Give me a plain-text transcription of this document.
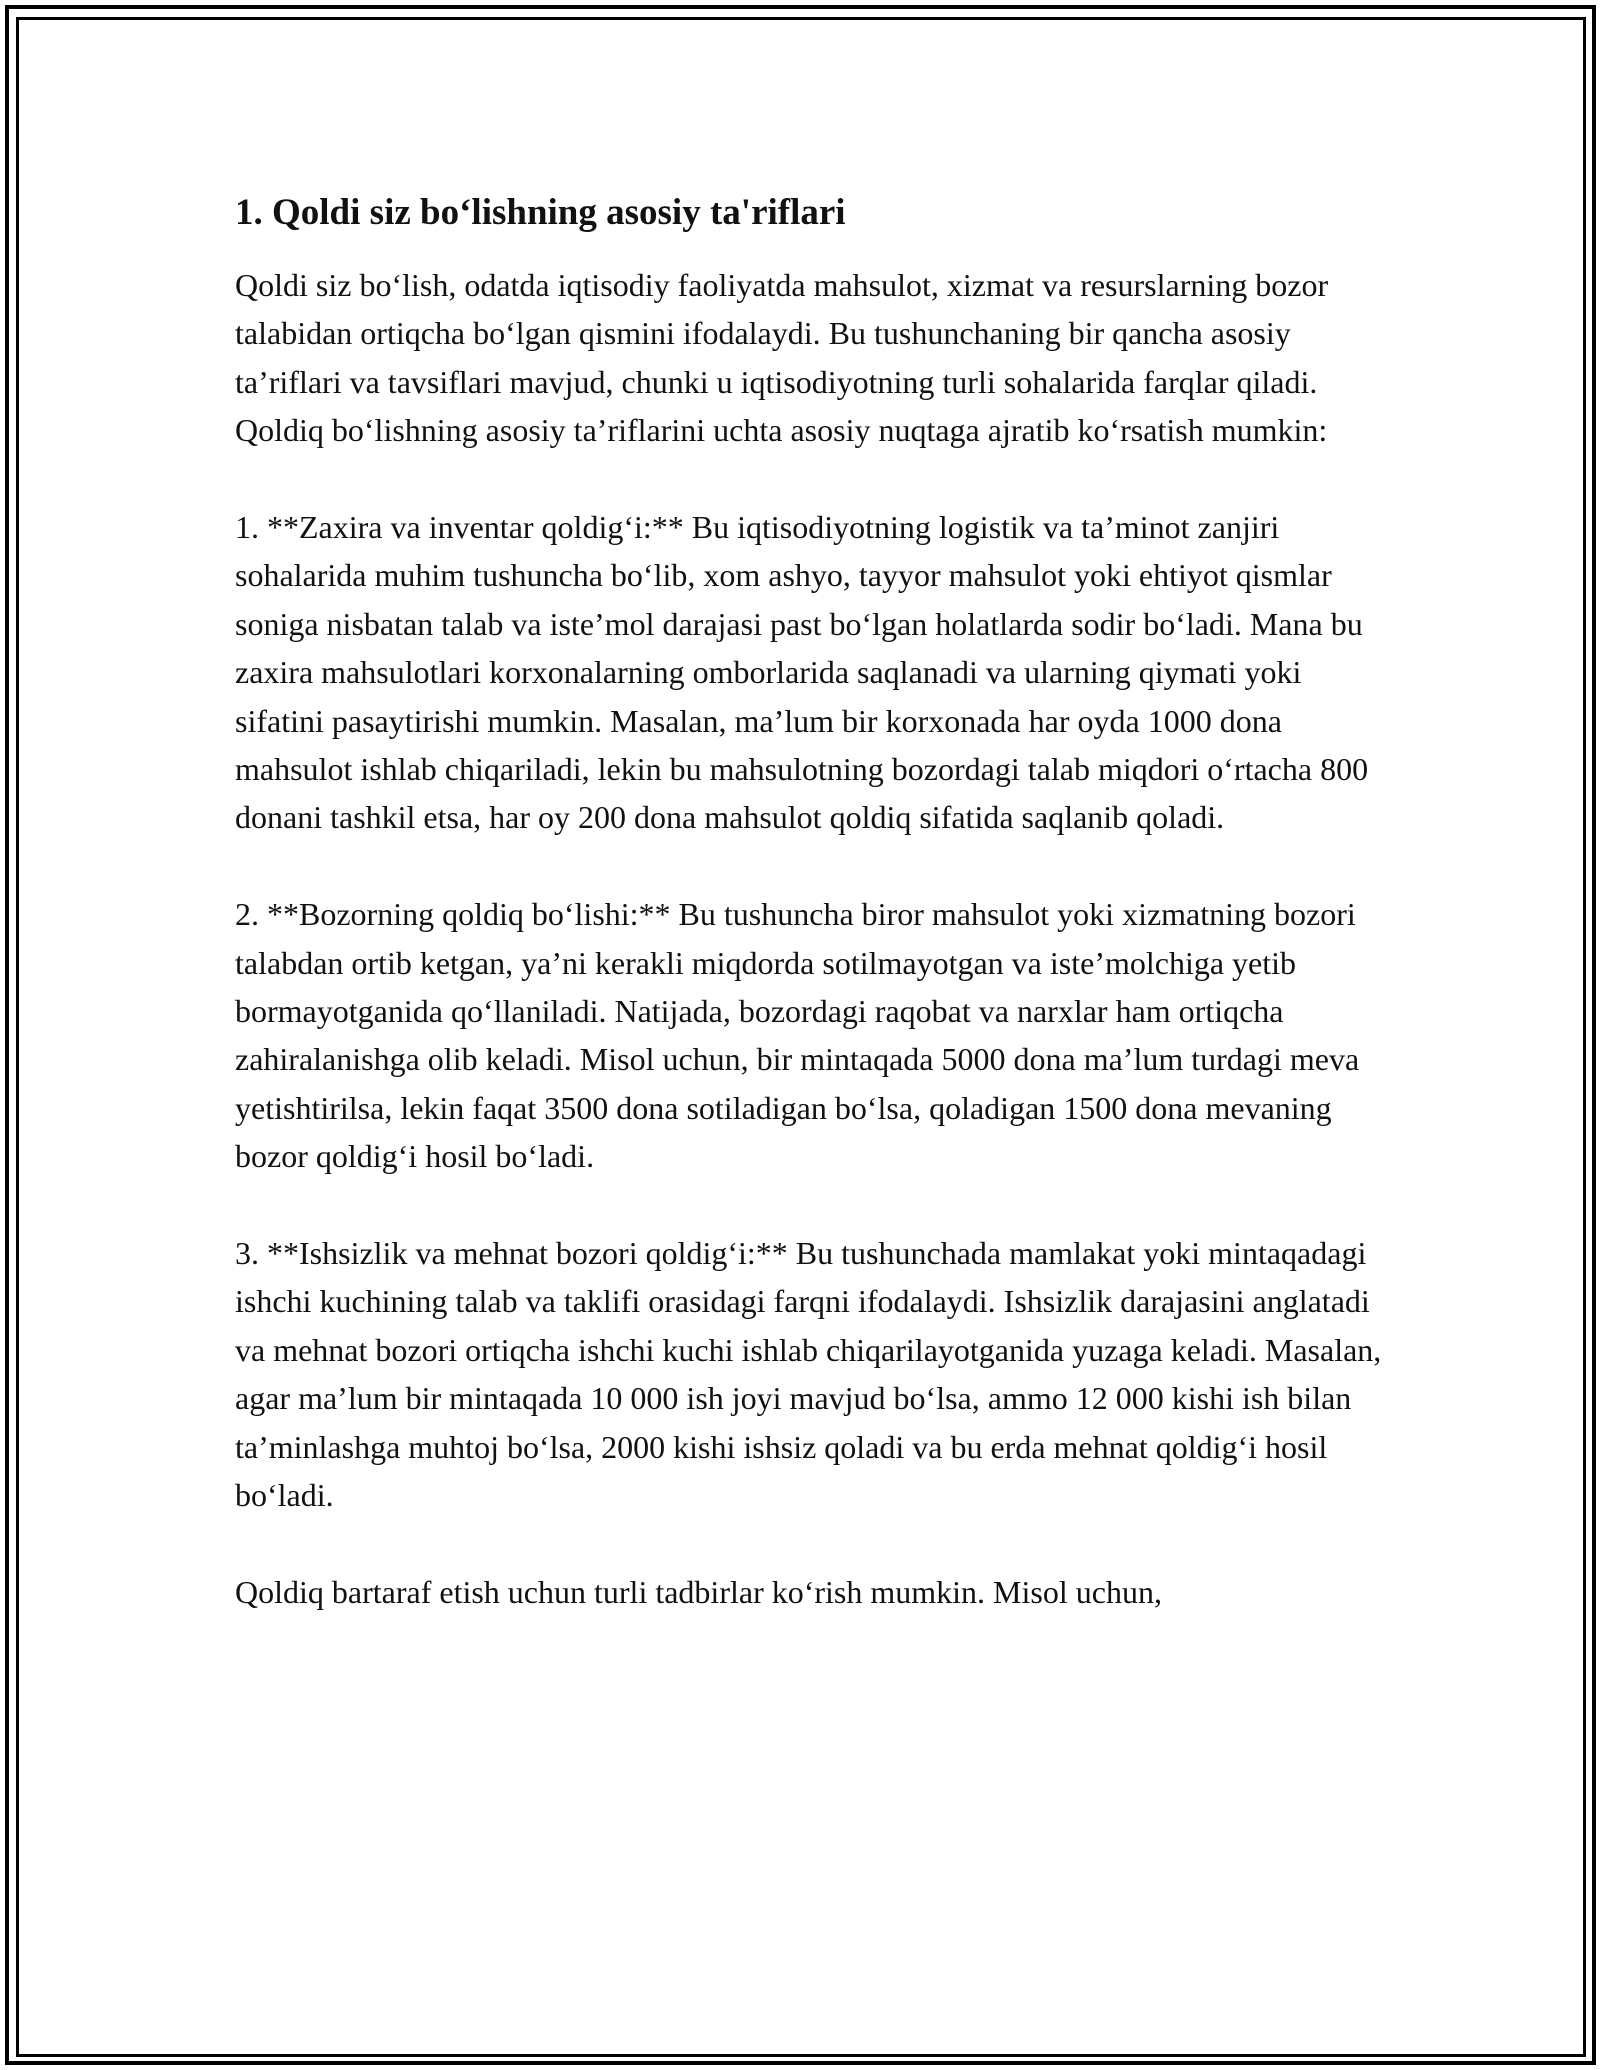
1. Qoldi siz bo‘lishning asosiy ta'riflari

Qoldi siz bo‘lish, odatda iqtisodiy faoliyatda mahsulot, xizmat va resurslarning bozor talabidan ortiqcha bo‘lgan qismini ifodalaydi. Bu tushunchaning bir qancha asosiy ta’riflari va tavsiflari mavjud, chunki u iqtisodiyotning turli sohalarida farqlar qiladi. Qoldiq bo‘lishning asosiy ta’riflarini uchta asosiy nuqtaga ajratib ko‘rsatish mumkin:

1. **Zaxira va inventar qoldig‘i:** Bu iqtisodiyotning logistik va ta’minot zanjiri sohalarida muhim tushuncha bo‘lib, xom ashyo, tayyor mahsulot yoki ehtiyot qismlar soniga nisbatan talab va iste’mol darajasi past bo‘lgan holatlarda sodir bo‘ladi. Mana bu zaxira mahsulotlari korxonalarning omborlarida saqlanadi va ularning qiymati yoki sifatini pasaytirishi mumkin. Masalan, ma’lum bir korxonada har oyda 1000 dona mahsulot ishlab chiqariladi, lekin bu mahsulotning bozordagi talab miqdori o‘rtacha 800 donani tashkil etsa, har oy 200 dona mahsulot qoldiq sifatida saqlanib qoladi.

2. **Bozorning qoldiq bo‘lishi:** Bu tushuncha biror mahsulot yoki xizmatning bozori talabdan ortib ketgan, ya’ni kerakli miqdorda sotilmayotgan va iste’molchiga yetib bormayotganida qo‘llaniladi. Natijada, bozordagi raqobat va narxlar ham ortiqcha zahiralanishga olib keladi. Misol uchun, bir mintaqada 5000 dona ma’lum turdagi meva yetishtirilsa, lekin faqat 3500 dona sotiladigan bo‘lsa, qoladigan 1500 dona mevaning bozor qoldig‘i hosil bo‘ladi.

3. **Ishsizlik va mehnat bozori qoldig‘i:** Bu tushunchada mamlakat yoki mintaqadagi ishchi kuchining talab va taklifi orasidagi farqni ifodalaydi. Ishsizlik darajasini anglatadi va mehnat bozori ortiqcha ishchi kuchi ishlab chiqarilayotganida yuzaga keladi. Masalan, agar ma’lum bir mintaqada 10 000 ish joyi mavjud bo‘lsa, ammo 12 000 kishi ish bilan ta’minlashga muhtoj bo‘lsa, 2000 kishi ishsiz qoladi va bu erda mehnat qoldig‘i hosil bo‘ladi.

Qoldiq bartaraf etish uchun turli tadbirlar ko‘rish mumkin. Misol uchun,
